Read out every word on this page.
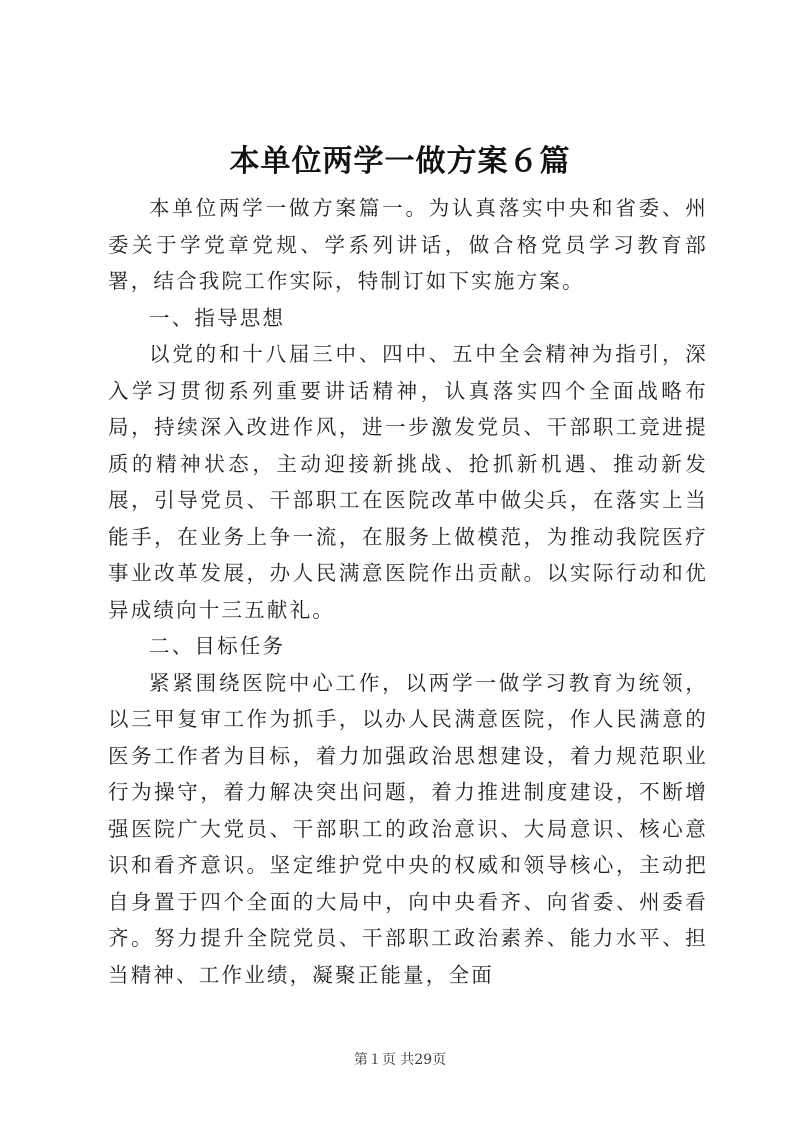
本单位两学一做方案６篇

本单位两学一做方案篇一。为认真落实中央和省委、州委关于学党章党规、学系列讲话，做合格党员学习教育部署，结合我院工作实际，特制订如下实施方案。

一、指导思想

以党的和十八届三中、四中、五中全会精神为指引，深入学习贯彻系列重要讲话精神，认真落实四个全面战略布局，持续深入改进作风，进一步激发党员、干部职工竞进提质的精神状态，主动迎接新挑战、抢抓新机遇、推动新发展，引导党员、干部职工在医院改革中做尖兵，在落实上当能手，在业务上争一流，在服务上做模范，为推动我院医疗事业改革发展，办人民满意医院作出贡献。以实际行动和优异成绩向十三五献礼。

二、目标任务

紧紧围绕医院中心工作，以两学一做学习教育为统领，以三甲复审工作为抓手，以办人民满意医院，作人民满意的医务工作者为目标，着力加强政治思想建设，着力规范职业行为操守，着力解决突出问题，着力推进制度建设，不断增强医院广大党员、干部职工的政治意识、大局意识、核心意识和看齐意识。坚定维护党中央的权威和领导核心，主动把自身置于四个全面的大局中，向中央看齐、向省委、州委看齐。努力提升全院党员、干部职工政治素养、能力水平、担当精神、工作业绩，凝聚正能量，全面

第１页 共29页
